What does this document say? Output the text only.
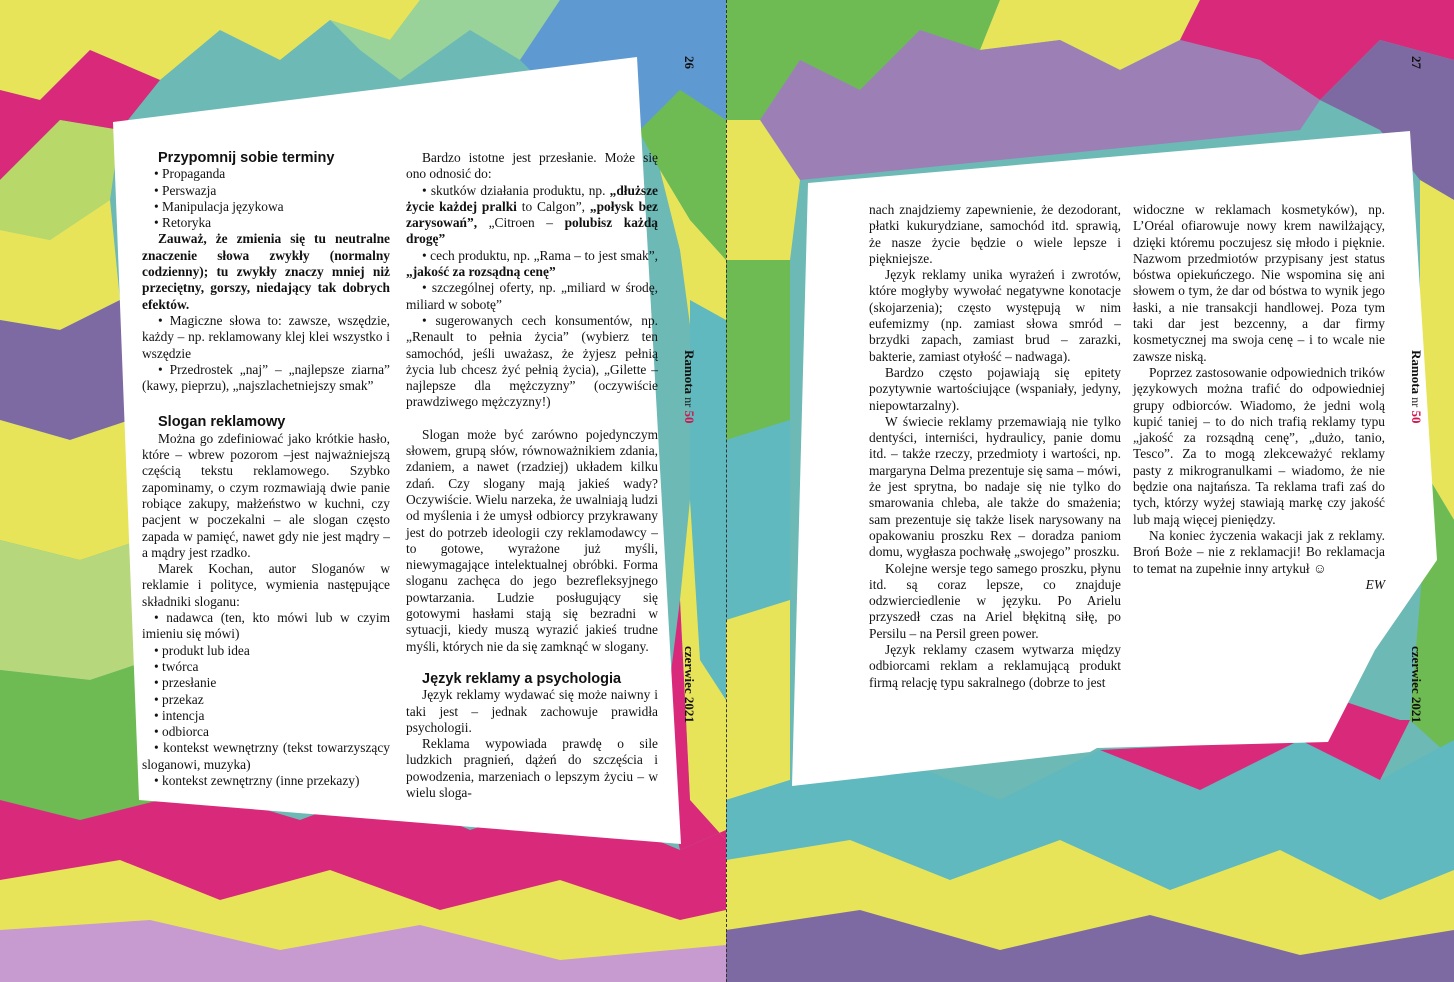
26
Ramota nr 50
czerwiec 2021
Przypomnij sobie terminy
• Propaganda
• Perswazja
• Manipulacja językowa
• Retoryka
Zauważ, że zmienia się tu neutralne znaczenie słowa zwykły (normalny codzienny); tu zwykły znaczy mniej niż przeciętny, gorszy, niedający tak dobrych efektów.
• Magiczne słowa to: zawsze, wszędzie, każdy – np. reklamowany klej klei wszystko i wszędzie
• Przedrostek „naj” – „najlepsze ziarna” (kawy, pieprzu), „najszlachetniejszy smak”
Slogan reklamowy
Można go zdefiniować jako krótkie hasło, które – wbrew pozorom –jest najważniejszą częścią tekstu reklamowego. Szybko zapominamy, o czym rozmawiają dwie panie robiące zakupy, małżeństwo w kuchni, czy pacjent w poczekalni – ale slogan często zapada w pamięć, nawet gdy nie jest mądry – a mądry jest rzadko.
Marek Kochan, autor Sloganów w reklamie i polityce, wymienia następujące składniki sloganu:
• nadawca (ten, kto mówi lub w czyim imieniu się mówi)
• produkt lub idea
• twórca
• przesłanie
• przekaz
• intencja
• odbiorca
• kontekst wewnętrzny (tekst towarzyszący sloganowi, muzyka)
• kontekst zewnętrzny (inne przekazy)
Bardzo istotne jest przesłanie. Może się ono odnosić do:
• skutków działania produktu, np. „dłuższe życie każdej pralki to Calgon”, „połysk bez zarysowań”, „Citroen – polubisz każdą drogę”
• cech produktu, np. „Rama – to jest smak”, „jakość za rozsądną cenę”
• szczególnej oferty, np. „miliard w środę, miliard w sobotę”
• sugerowanych cech konsumentów, np. „Renault to pełnia życia” (wybierz ten samochód, jeśli uważasz, że żyjesz pełnią życia lub chcesz żyć pełnią życia), „Gilette – najlepsze dla mężczyzny” (oczywiście prawdziwego mężczyzny!)
Slogan może być zarówno pojedynczym słowem, grupą słów, równoważnikiem zdania, zdaniem, a nawet (rzadziej) układem kilku zdań. Czy slogany mają jakieś wady? Oczywiście. Wielu narzeka, że uwalniają ludzi od myślenia i że umysł odbiorcy przykrawany jest do potrzeb ideologii czy reklamodawcy – to gotowe, wyrażone już myśli, niewymagające intelektualnej obróbki. Forma sloganu zachęca do jego bezrefleksyjnego powtarzania. Ludzie posługujący się gotowymi hasłami stają się bezradni w sytuacji, kiedy muszą wyrazić jakieś trudne myśli, których nie da się zamknąć w slogany.
Język reklamy a psychologia
Język reklamy wydawać się może naiwny i taki jest – jednak zachowuje prawidła psychologii.
Reklama wypowiada prawdę o sile ludzkich pragnień, dążeń do szczęścia i powodzenia, marzeniach o lepszym życiu – w wielu sloga-
27
Ramota nr 50
czerwiec 2021
nach znajdziemy zapewnienie, że dezodorant, płatki kukurydziane, samochód itd. sprawią, że nasze życie będzie o wiele lepsze i piękniejsze.
Język reklamy unika wyrażeń i zwrotów, które mogłyby wywołać negatywne konotacje (skojarzenia); często występują w nim eufemizmy (np. zamiast słowa smród – brzydki zapach, zamiast brud – zarazki, bakterie, zamiast otyłość – nadwaga).
Bardzo często pojawiają się epitety pozytywnie wartościujące (wspaniały, jedyny, niepowtarzalny).
W świecie reklamy przemawiają nie tylko dentyści, interniści, hydraulicy, panie domu itd. – także rzeczy, przedmioty i wartości, np. margaryna Delma prezentuje się sama – mówi, że jest sprytna, bo nadaje się nie tylko do smarowania chleba, ale także do smażenia; sam prezentuje się także lisek narysowany na opakowaniu proszku Rex – doradza paniom domu, wygłasza pochwałę „swojego” proszku.
Kolejne wersje tego samego proszku, płynu itd. są coraz lepsze, co znajduje odzwierciedlenie w języku. Po Arielu przyszedł czas na Ariel błękitną siłę, po Persilu – na Persil green power.
Język reklamy czasem wytwarza między odbiorcami reklam a reklamującą produkt firmą relację typu sakralnego (dobrze to jest
widoczne w reklamach kosmetyków), np. L’Oréal ofiarowuje nowy krem nawilżający, dzięki któremu poczujesz się młodo i pięknie. Nazwom przedmiotów przypisany jest status bóstwa opiekuńczego. Nie wspomina się ani słowem o tym, że dar od bóstwa to wynik jego łaski, a nie transakcji handlowej. Poza tym taki dar jest bezcenny, a dar firmy kosmetycznej ma swoja cenę – i to wcale nie zawsze niską.
Poprzez zastosowanie odpowiednich trików językowych można trafić do odpowiedniej grupy odbiorców. Wiadomo, że jedni wolą kupić taniej – to do nich trafią reklamy typu „jakość za rozsądną cenę”, „dużo, tanio, Tesco”. Za to mogą zlekceważyć reklamy pasty z mikrogranulkami – wiadomo, że nie będzie ona najtańsza. Ta reklama trafi zaś do tych, którzy wyżej stawiają markę czy jakość lub mają więcej pieniędzy.
Na koniec życzenia wakacji jak z reklamy. Broń Boże – nie z reklamacji! Bo reklamacja to temat na zupełnie inny artykuł ☺
EW
